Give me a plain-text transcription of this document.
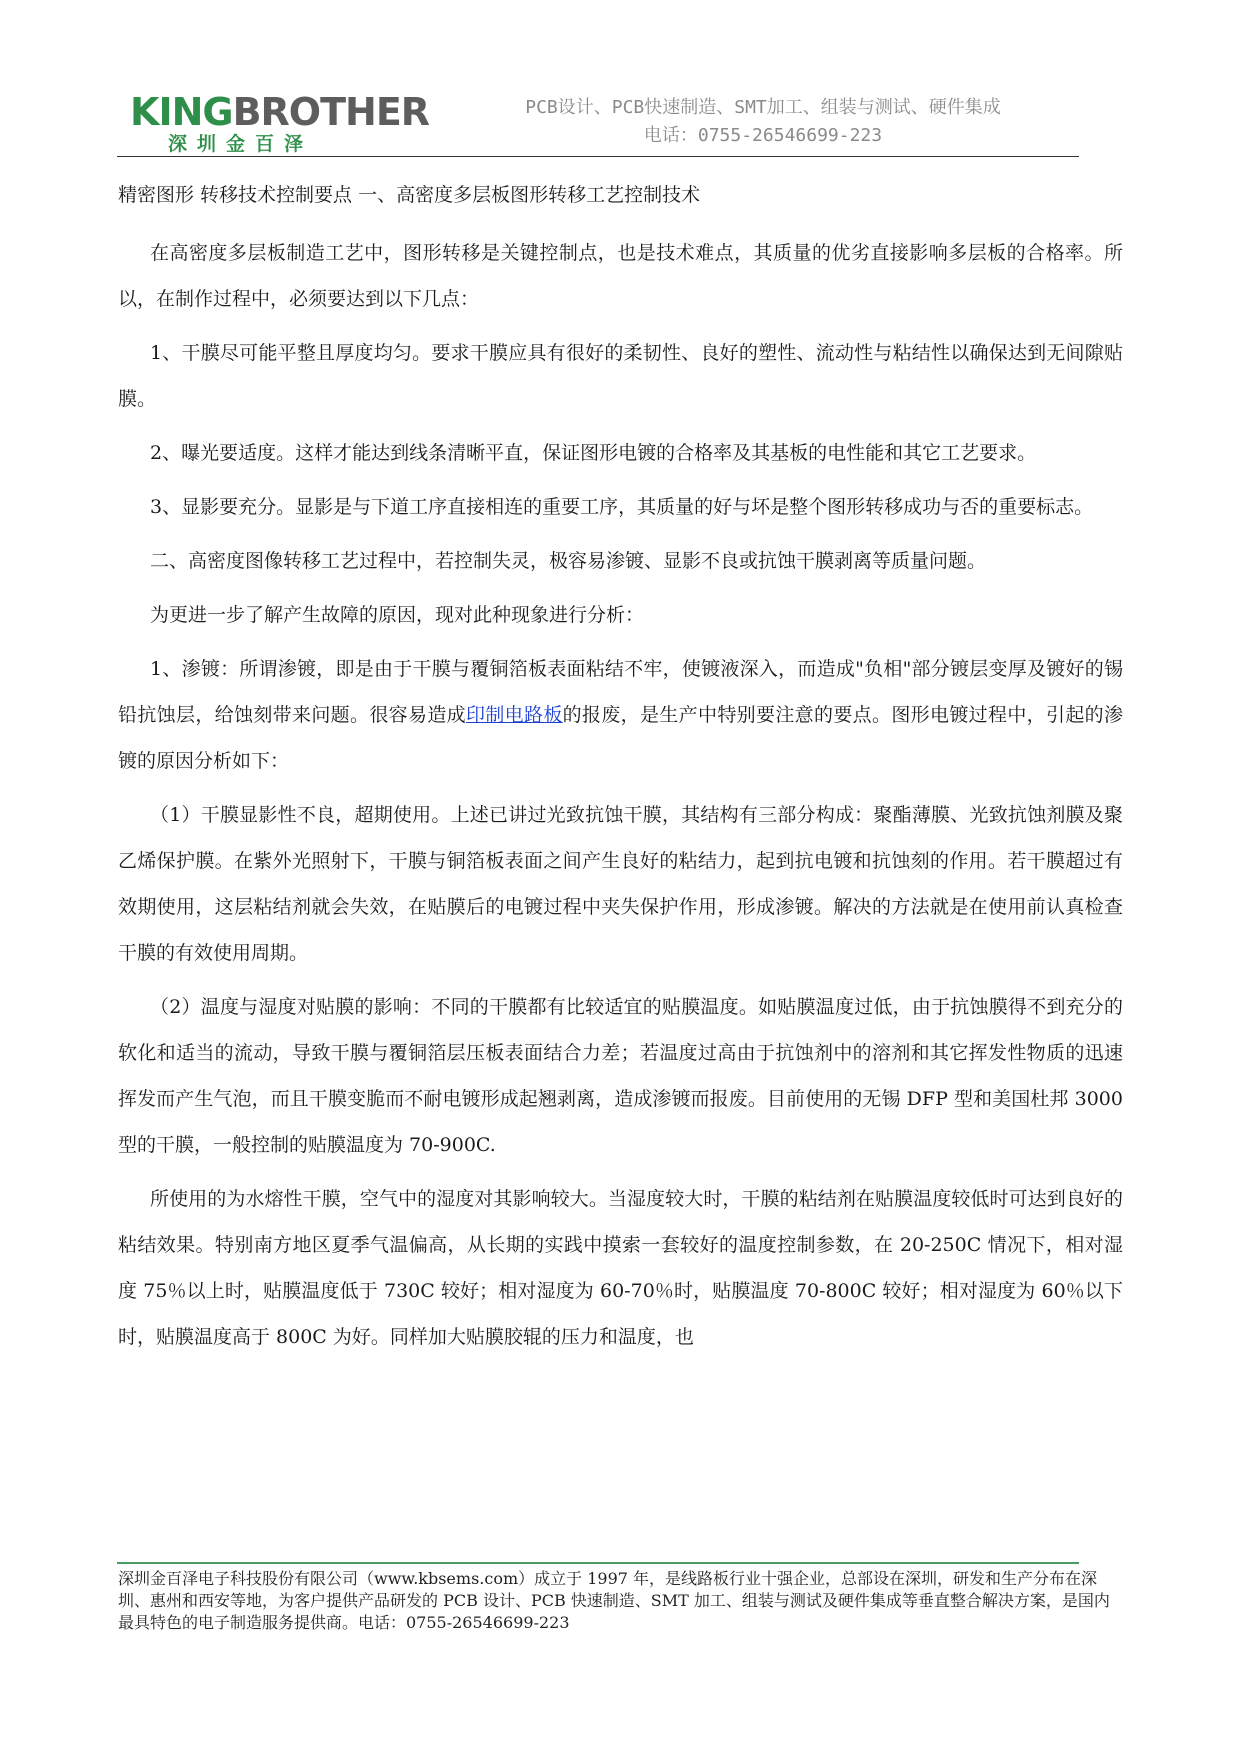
KINGBROTHER
深圳金百泽
PCB设计、PCB快速制造、SMT加工、组装与测试、硬件集成
电话：0755-26546699-223

精密图形 转移技术控制要点 一、高密度多层板图形转移工艺控制技术

在高密度多层板制造工艺中，图形转移是关键控制点，也是技术难点，其质量的优劣直接影响多层板的合格率。所以，在制作过程中，必须要达到以下几点：

1、干膜尽可能平整且厚度均匀。要求干膜应具有很好的柔韧性、良好的塑性、流动性与粘结性以确保达到无间隙贴膜。

2、曝光要适度。这样才能达到线条清晰平直，保证图形电镀的合格率及其基板的电性能和其它工艺要求。

3、显影要充分。显影是与下道工序直接相连的重要工序，其质量的好与坏是整个图形转移成功与否的重要标志。

二、高密度图像转移工艺过程中，若控制失灵，极容易渗镀、显影不良或抗蚀干膜剥离等质量问题。

为更进一步了解产生故障的原因，现对此种现象进行分析：

1、渗镀：所谓渗镀，即是由于干膜与覆铜箔板表面粘结不牢，使镀液深入，而造成"负相"部分镀层变厚及镀好的锡铅抗蚀层，给蚀刻带来问题。很容易造成印制电路板的报废，是生产中特别要注意的要点。图形电镀过程中，引起的渗镀的原因分析如下：

（1）干膜显影性不良，超期使用。上述已讲过光致抗蚀干膜，其结构有三部分构成：聚酯薄膜、光致抗蚀剂膜及聚乙烯保护膜。在紫外光照射下，干膜与铜箔板表面之间产生良好的粘结力，起到抗电镀和抗蚀刻的作用。若干膜超过有效期使用，这层粘结剂就会失效，在贴膜后的电镀过程中夹失保护作用，形成渗镀。解决的方法就是在使用前认真检查干膜的有效使用周期。

（2）温度与湿度对贴膜的影响：不同的干膜都有比较适宜的贴膜温度。如贴膜温度过低，由于抗蚀膜得不到充分的软化和适当的流动，导致干膜与覆铜箔层压板表面结合力差；若温度过高由于抗蚀剂中的溶剂和其它挥发性物质的迅速挥发而产生气泡，而且干膜变脆而不耐电镀形成起翘剥离，造成渗镀而报废。目前使用的无锡 DFP 型和美国杜邦 3000 型的干膜，一般控制的贴膜温度为 70-900C.

所使用的为水熔性干膜，空气中的湿度对其影响较大。当湿度较大时，干膜的粘结剂在贴膜温度较低时可达到良好的粘结效果。特别南方地区夏季气温偏高，从长期的实践中摸索一套较好的温度控制参数，在 20-250C 情况下，相对湿度 75％以上时，贴膜温度低于 730C 较好；相对湿度为 60-70％时，贴膜温度 70-800C 较好；相对湿度为 60％以下时，贴膜温度高于 800C 为好。同样加大贴膜胶辊的压力和温度，也

深圳金百泽电子科技股份有限公司（www.kbsems.com）成立于 1997 年，是线路板行业十强企业，总部设在深圳，研发和生产分布在深圳、惠州和西安等地，为客户提供产品研发的 PCB 设计、PCB 快速制造、SMT 加工、组装与测试及硬件集成等垂直整合解决方案，是国内最具特色的电子制造服务提供商。电话：0755-26546699-223
